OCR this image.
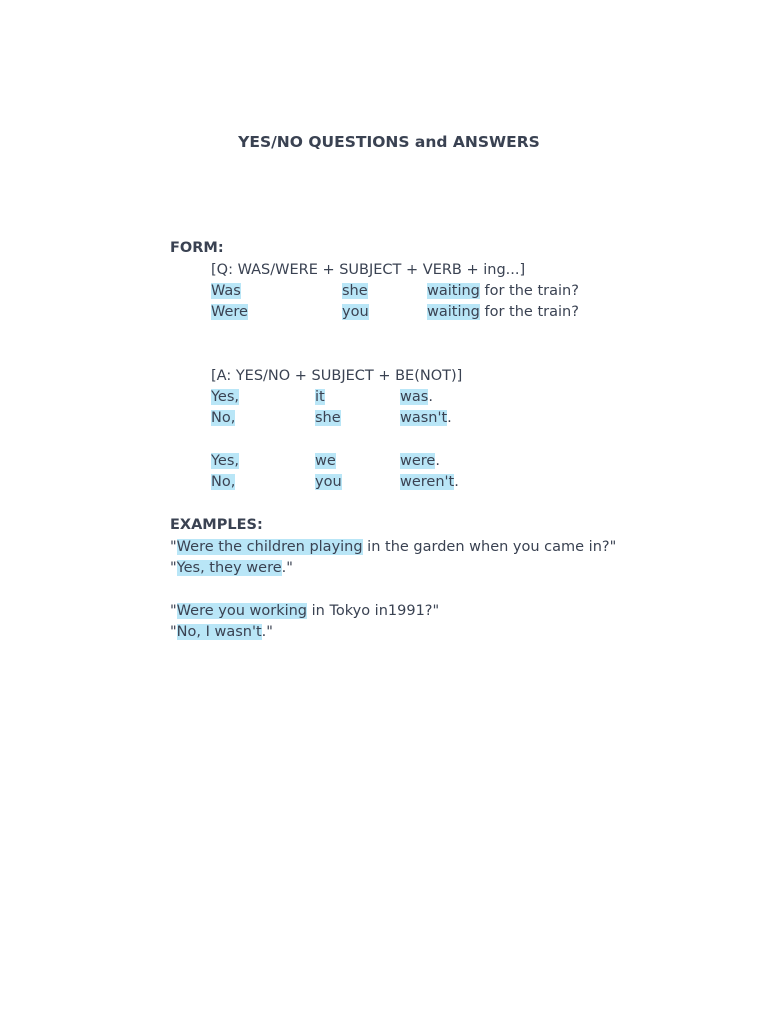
YES/NO QUESTIONS and ANSWERS
FORM:
[Q: WAS/WERE + SUBJECT + VERB + ing...]
Was	she	waiting for the train?
Were	you	waiting for the train?
[A: YES/NO + SUBJECT + BE(NOT)]
Yes,	it	was.
No,	she	wasn't.
Yes,	we	were.
No,	you	weren't.
EXAMPLES:
"Were the children playing in the garden when you came in?"
"Yes, they were."
"Were you working in Tokyo in1991?"
"No, I wasn't."
